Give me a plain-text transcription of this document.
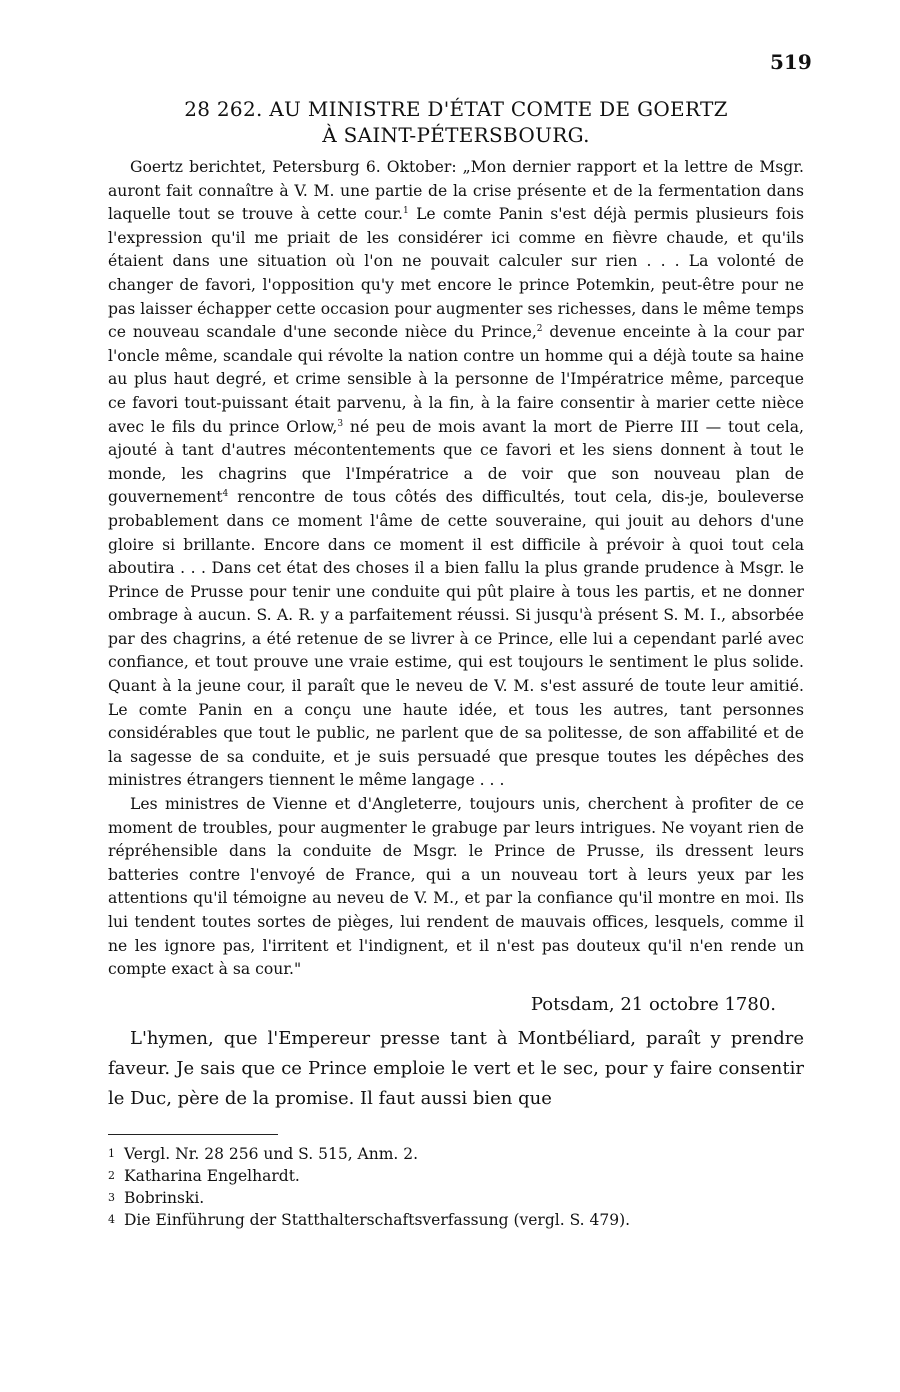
519
28 262. AU MINISTRE D'ÉTAT COMTE DE GOERTZ
À SAINT-PÉTERSBOURG.

Goertz berichtet, Petersburg 6. Oktober: „Mon dernier rapport et la lettre de Msgr. auront fait connaître à V. M. une partie de la crise présente et de la fermentation dans laquelle tout se trouve à cette cour.$^1$ Le comte Panin s'est déjà permis plusieurs fois l'expression qu'il me priait de les considérer ici comme en fièvre chaude, et qu'ils étaient dans une situation où l'on ne pouvait calculer sur rien . . . La volonté de changer de favori, l'opposition qu'y met encore le prince Potemkin, peut-être pour ne pas laisser échapper cette occasion pour augmenter ses richesses, dans le même temps ce nouveau scandale d'une seconde nièce du Prince,$^2$ devenue enceinte à la cour par l'oncle même, scandale qui révolte la nation contre un homme qui a déjà toute sa haine au plus haut degré, et crime sensible à la personne de l'Impératrice même, parceque ce favori tout-puissant était parvenu, à la fin, à la faire consentir à marier cette nièce avec le fils du prince Orlow,$^3$ né peu de mois avant la mort de Pierre III — tout cela, ajouté à tant d'autres mécontentements que ce favori et les siens donnent à tout le monde, les chagrins que l'Impératrice a de voir que son nouveau plan de gouvernement$^4$ rencontre de tous côtés des difficultés, tout cela, dis-je, bouleverse probablement dans ce moment l'âme de cette souveraine, qui jouit au dehors d'une gloire si brillante. Encore dans ce moment il est difficile à prévoir à quoi tout cela aboutira . . . Dans cet état des choses il a bien fallu la plus grande prudence à Msgr. le Prince de Prusse pour tenir une conduite qui pût plaire à tous les partis, et ne donner ombrage à aucun. S. A. R. y a parfaitement réussi. Si jusqu'à présent S. M. I., absorbée par des chagrins, a été retenue de se livrer à ce Prince, elle lui a cependant parlé avec confiance, et tout prouve une vraie estime, qui est toujours le sentiment le plus solide. Quant à la jeune cour, il paraît que le neveu de V. M. s'est assuré de toute leur amitié. Le comte Panin en a conçu une haute idée, et tous les autres, tant personnes considérables que tout le public, ne parlent que de sa politesse, de son affabilité et de la sagesse de sa conduite, et je suis persuadé que presque toutes les dépêches des ministres étrangers tiennent le même langage . . .

Les ministres de Vienne et d'Angleterre, toujours unis, cherchent à profiter de ce moment de troubles, pour augmenter le grabuge par leurs intrigues. Ne voyant rien de répréhensible dans la conduite de Msgr. le Prince de Prusse, ils dressent leurs batteries contre l'envoyé de France, qui a un nouveau tort à leurs yeux par les attentions qu'il témoigne au neveu de V. M., et par la confiance qu'il montre en moi. Ils lui tendent toutes sortes de pièges, lui rendent de mauvais offices, lesquels, comme il ne les ignore pas, l'irritent et l'indignent, et il n'est pas douteux qu'il n'en rende un compte exact à sa cour."

Potsdam, 21 octobre 1780.

L'hymen, que l'Empereur presse tant à Montbéliard, paraît y prendre faveur. Je sais que ce Prince emploie le vert et le sec, pour y faire consentir le Duc, père de la promise. Il faut aussi bien que

1 Vergl. Nr. 28 256 und S. 515, Anm. 2.
2 Katharina Engelhardt.
3 Bobrinski.
4 Die Einführung der Statthalterschaftsverfassung (vergl. S. 479).
